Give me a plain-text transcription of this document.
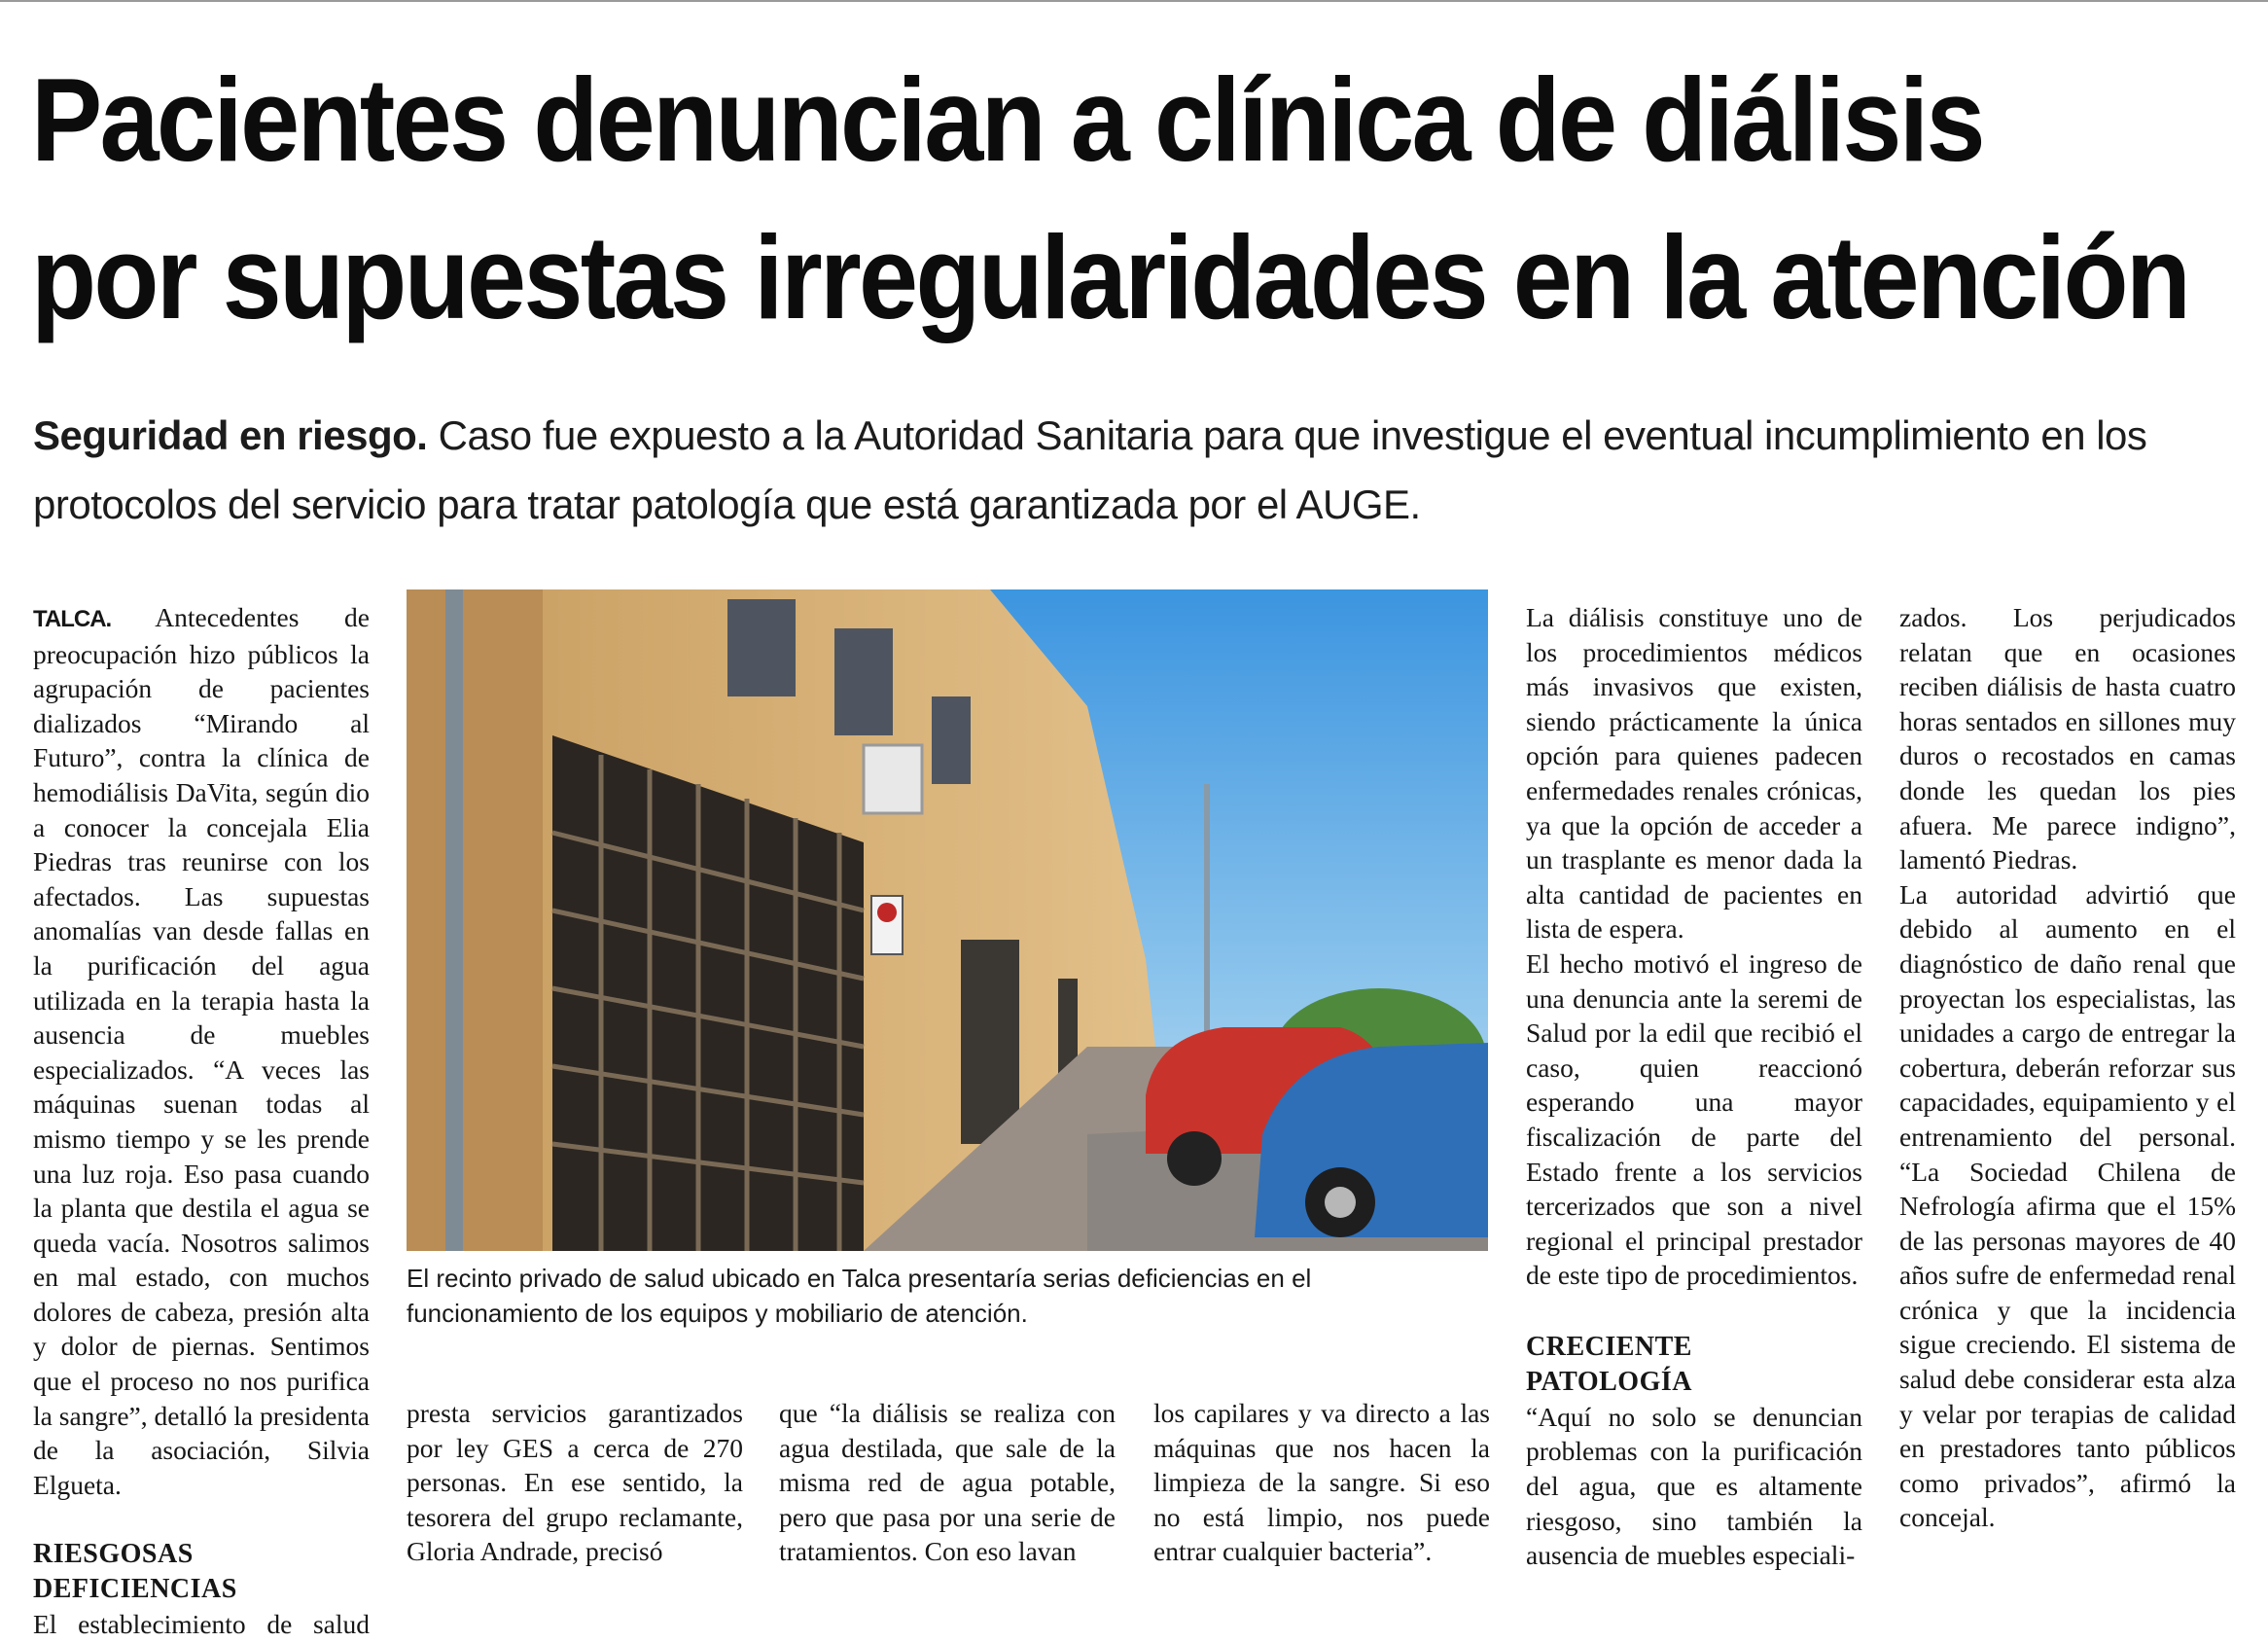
Pacientes denuncian a clínica de diálisis
por supuestas irregularidades en la atención

Seguridad en riesgo. Caso fue expuesto a la Autoridad Sanitaria para que investigue el eventual incumplimiento en los protocolos del servicio para tratar patología que está garantizada por el AUGE.

TALCA. Antecedentes de preocupación hizo públicos la agrupación de pacientes dializados “Mirando al Futuro”, contra la clínica de hemodiálisis DaVita, según dio a conocer la concejala Elia Piedras tras reunirse con los afectados. Las supuestas anomalías van desde fallas en la purificación del agua utilizada en la terapia hasta la ausencia de muebles especializados. “A veces las máquinas suenan todas al mismo tiempo y se les prende una luz roja. Eso pasa cuando la planta que destila el agua se queda vacía. Nosotros salimos en mal estado, con muchos dolores de cabeza, presión alta y dolor de piernas. Sentimos que el proceso no nos purifica la sangre”, detalló la presidenta de la asociación, Silvia Elgueta.

RIESGOSAS DEFICIENCIAS

El establecimiento de salud

El recinto privado de salud ubicado en Talca presentaría serias deficiencias en el funcionamiento de los equipos y mobiliario de atención.

presta servicios garantizados por ley GES a cerca de 270 personas. En ese sentido, la tesorera del grupo reclamante, Gloria Andrade, precisó

que “la diálisis se realiza con agua destilada, que sale de la misma red de agua potable, pero que pasa por una serie de tratamientos. Con eso lavan

los capilares y va directo a las máquinas que nos hacen la limpieza de la sangre. Si eso no está limpio, nos puede entrar cualquier bacteria”.

La diálisis constituye uno de los procedimientos médicos más invasivos que existen, siendo prácticamente la única opción para quienes padecen enfermedades renales crónicas, ya que la opción de acceder a un trasplante es menor dada la alta cantidad de pacientes en lista de espera.

El hecho motivó el ingreso de una denuncia ante la seremi de Salud por la edil que recibió el caso, quien reaccionó esperando una mayor fiscalización de parte del Estado frente a los servicios tercerizados que son a nivel regional el principal prestador de este tipo de procedimientos.

CRECIENTE PATOLOGÍA

“Aquí no solo se denuncian problemas con la purificación del agua, que es altamente riesgoso, sino también la ausencia de muebles especiali-

zados. Los perjudicados relatan que en ocasiones reciben diálisis de hasta cuatro horas sentados en sillones muy duros o recostados en camas donde les quedan los pies afuera. Me parece indigno”, lamentó Piedras.

La autoridad advirtió que debido al aumento en el diagnóstico de daño renal que proyectan los especialistas, las unidades a cargo de entregar la cobertura, deberán reforzar sus capacidades, equipamiento y el entrenamiento del personal. “La Sociedad Chilena de Nefrología afirma que el 15% de las personas mayores de 40 años sufre de enfermedad renal crónica y que la incidencia sigue creciendo. El sistema de salud debe considerar esta alza y velar por terapias de calidad en prestadores tanto públicos como privados”, afirmó la concejal.
